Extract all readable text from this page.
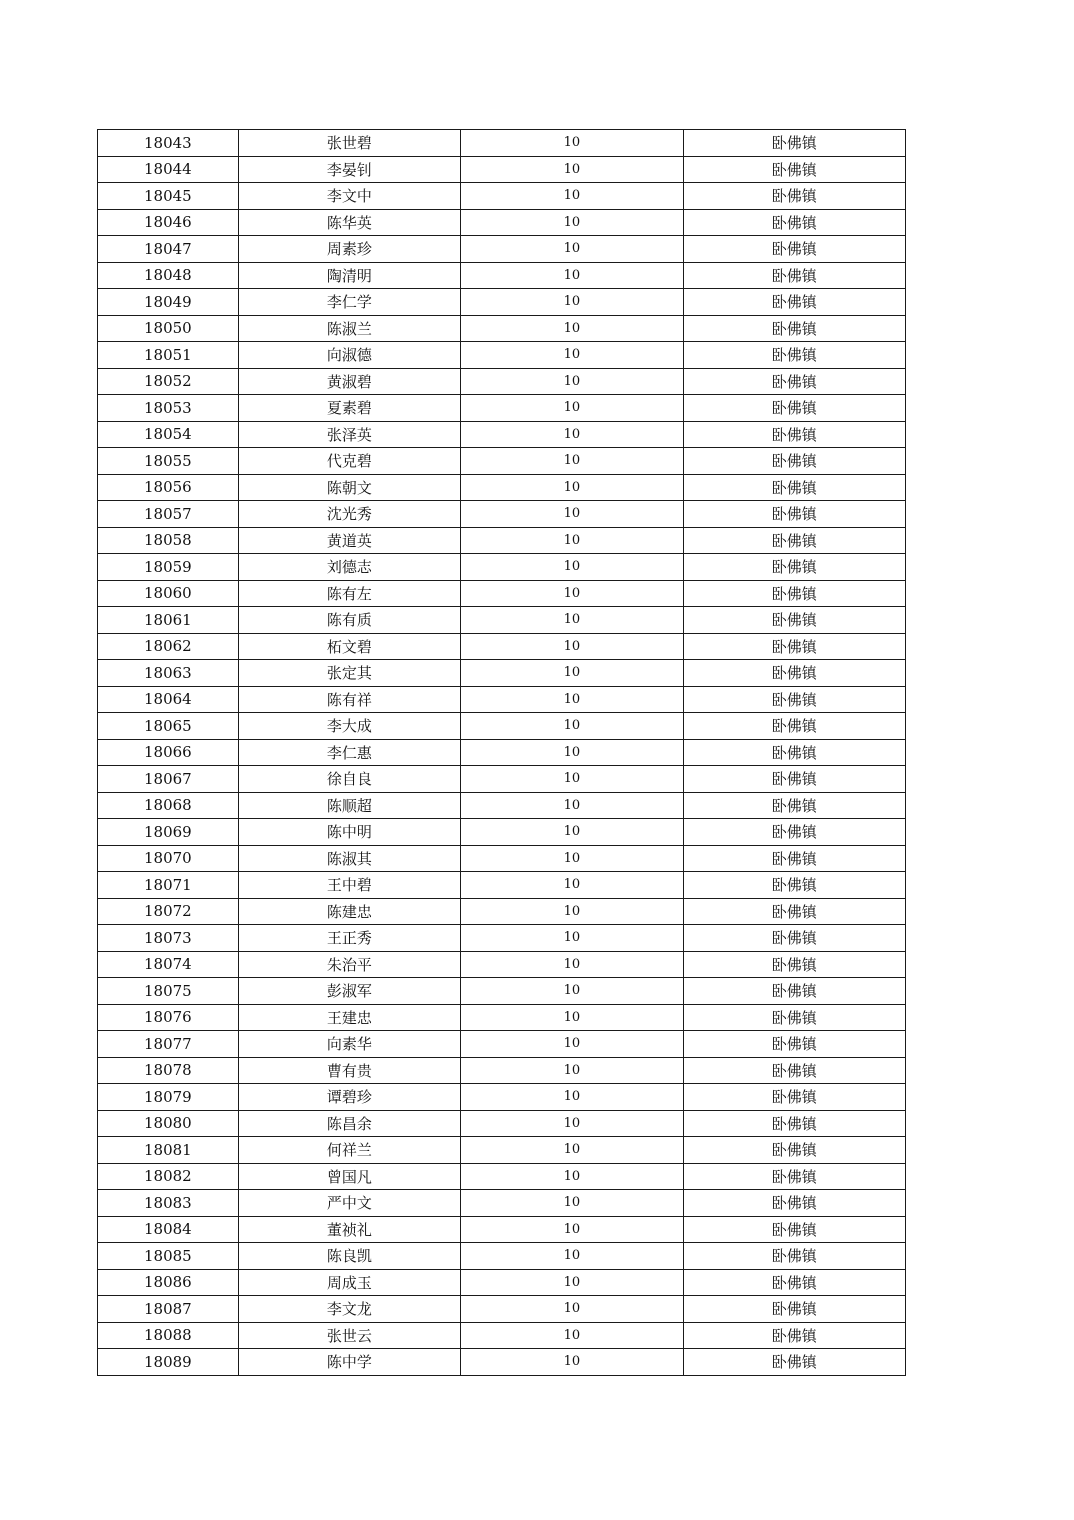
18043	张世碧	10	卧佛镇
18044	李晏钊	10	卧佛镇
18045	李文中	10	卧佛镇
18046	陈华英	10	卧佛镇
18047	周素珍	10	卧佛镇
18048	陶清明	10	卧佛镇
18049	李仁学	10	卧佛镇
18050	陈淑兰	10	卧佛镇
18051	向淑德	10	卧佛镇
18052	黄淑碧	10	卧佛镇
18053	夏素碧	10	卧佛镇
18054	张泽英	10	卧佛镇
18055	代克碧	10	卧佛镇
18056	陈朝文	10	卧佛镇
18057	沈光秀	10	卧佛镇
18058	黄道英	10	卧佛镇
18059	刘德志	10	卧佛镇
18060	陈有左	10	卧佛镇
18061	陈有质	10	卧佛镇
18062	柘文碧	10	卧佛镇
18063	张定其	10	卧佛镇
18064	陈有祥	10	卧佛镇
18065	李大成	10	卧佛镇
18066	李仁惠	10	卧佛镇
18067	徐自良	10	卧佛镇
18068	陈顺超	10	卧佛镇
18069	陈中明	10	卧佛镇
18070	陈淑其	10	卧佛镇
18071	王中碧	10	卧佛镇
18072	陈建忠	10	卧佛镇
18073	王正秀	10	卧佛镇
18074	朱治平	10	卧佛镇
18075	彭淑军	10	卧佛镇
18076	王建忠	10	卧佛镇
18077	向素华	10	卧佛镇
18078	曹有贵	10	卧佛镇
18079	谭碧珍	10	卧佛镇
18080	陈昌余	10	卧佛镇
18081	何祥兰	10	卧佛镇
18082	曾国凡	10	卧佛镇
18083	严中文	10	卧佛镇
18084	董祯礼	10	卧佛镇
18085	陈良凯	10	卧佛镇
18086	周成玉	10	卧佛镇
18087	李文龙	10	卧佛镇
18088	张世云	10	卧佛镇
18089	陈中学	10	卧佛镇
